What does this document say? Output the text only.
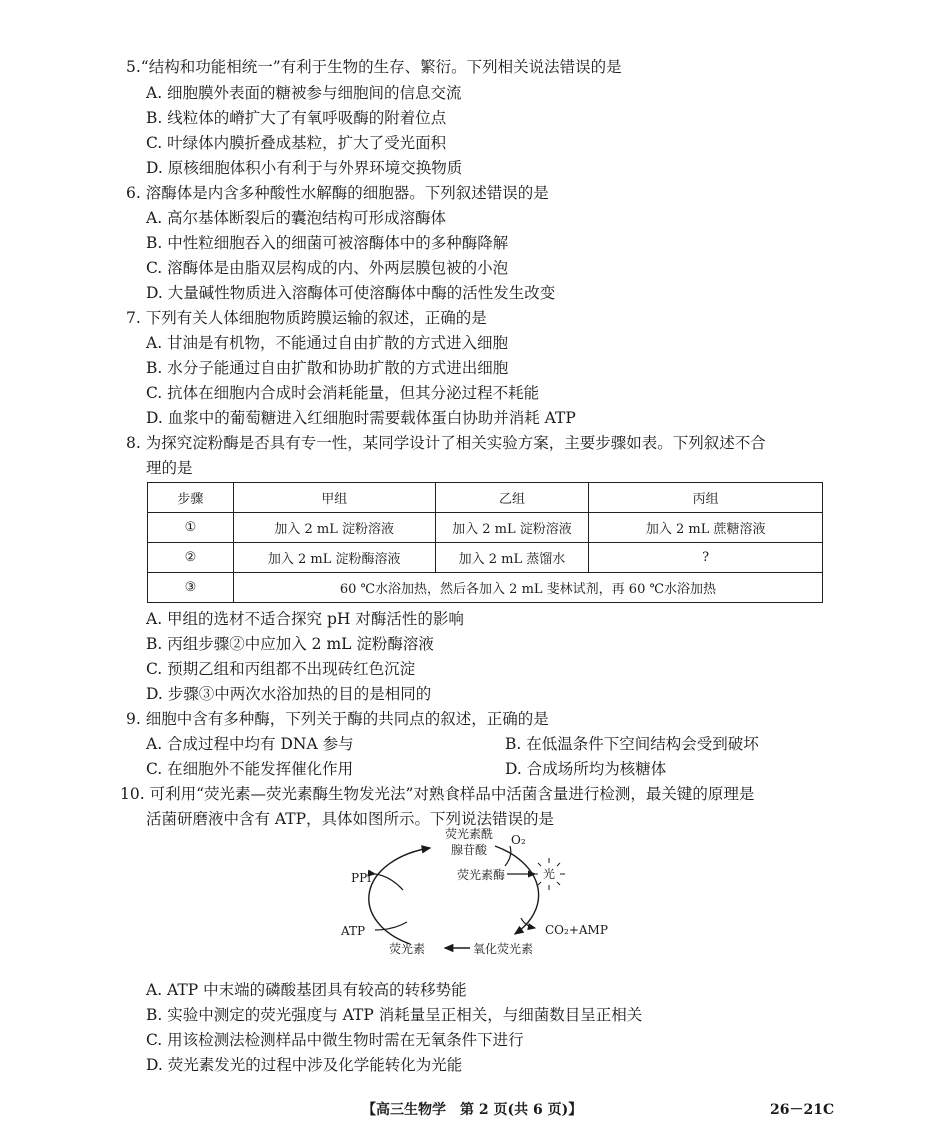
5.“结构和功能相统一”有利于生物的生存、繁衍。下列相关说法错误的是
A. 细胞膜外表面的糖被参与细胞间的信息交流
B. 线粒体的嵴扩大了有氧呼吸酶的附着位点
C. 叶绿体内膜折叠成基粒，扩大了受光面积
D. 原核细胞体积小有利于与外界环境交换物质
6. 溶酶体是内含多种酸性水解酶的细胞器。下列叙述错误的是
A. 高尔基体断裂后的囊泡结构可形成溶酶体
B. 中性粒细胞吞入的细菌可被溶酶体中的多种酶降解
C. 溶酶体是由脂双层构成的内、外两层膜包被的小泡
D. 大量碱性物质进入溶酶体可使溶酶体中酶的活性发生改变
7. 下列有关人体细胞物质跨膜运输的叙述，正确的是
A. 甘油是有机物，不能通过自由扩散的方式进入细胞
B. 水分子能通过自由扩散和协助扩散的方式进出细胞
C. 抗体在细胞内合成时会消耗能量，但其分泌过程不耗能
D. 血浆中的葡萄糖进入红细胞时需要载体蛋白协助并消耗 ATP
8. 为探究淀粉酶是否具有专一性，某同学设计了相关实验方案，主要步骤如表。下列叙述不合
理的是
步骤	甲组	乙组	丙组
①	加入 2 mL 淀粉溶液	加入 2 mL 淀粉溶液	加入 2 mL 蔗糖溶液
②	加入 2 mL 淀粉酶溶液	加入 2 mL 蒸馏水	?
③	60 ℃水浴加热，然后各加入 2 mL 斐林试剂，再 60 ℃水浴加热		
A. 甲组的选材不适合探究 pH 对酶活性的影响
B. 丙组步骤②中应加入 2 mL 淀粉酶溶液
C. 预期乙组和丙组都不出现砖红色沉淀
D. 步骤③中两次水浴加热的目的是相同的
9. 细胞中含有多种酶，下列关于酶的共同点的叙述，正确的是
A. 合成过程中均有 DNA 参与	B. 在低温条件下空间结构会受到破坏
C. 在细胞外不能发挥催化作用	D. 合成场所均为核糖体
10. 可利用“荧光素—荧光素酶生物发光法”对熟食样品中活菌含量进行检测，最关键的原理是
活菌研磨液中含有 ATP，具体如图所示。下列说法错误的是
荧光素酰
腺苷酸
O₂
荧光素酶	光
PPi
ATP	CO₂+AMP
荧光素	氧化荧光素
A. ATP 中末端的磷酸基团具有较高的转移势能
B. 实验中测定的荧光强度与 ATP 消耗量呈正相关，与细菌数目呈正相关
C. 用该检测法检测样品中微生物时需在无氧条件下进行
D. 荧光素发光的过程中涉及化学能转化为光能
【高三生物学　第 2 页(共 6 页)】	26－21C
